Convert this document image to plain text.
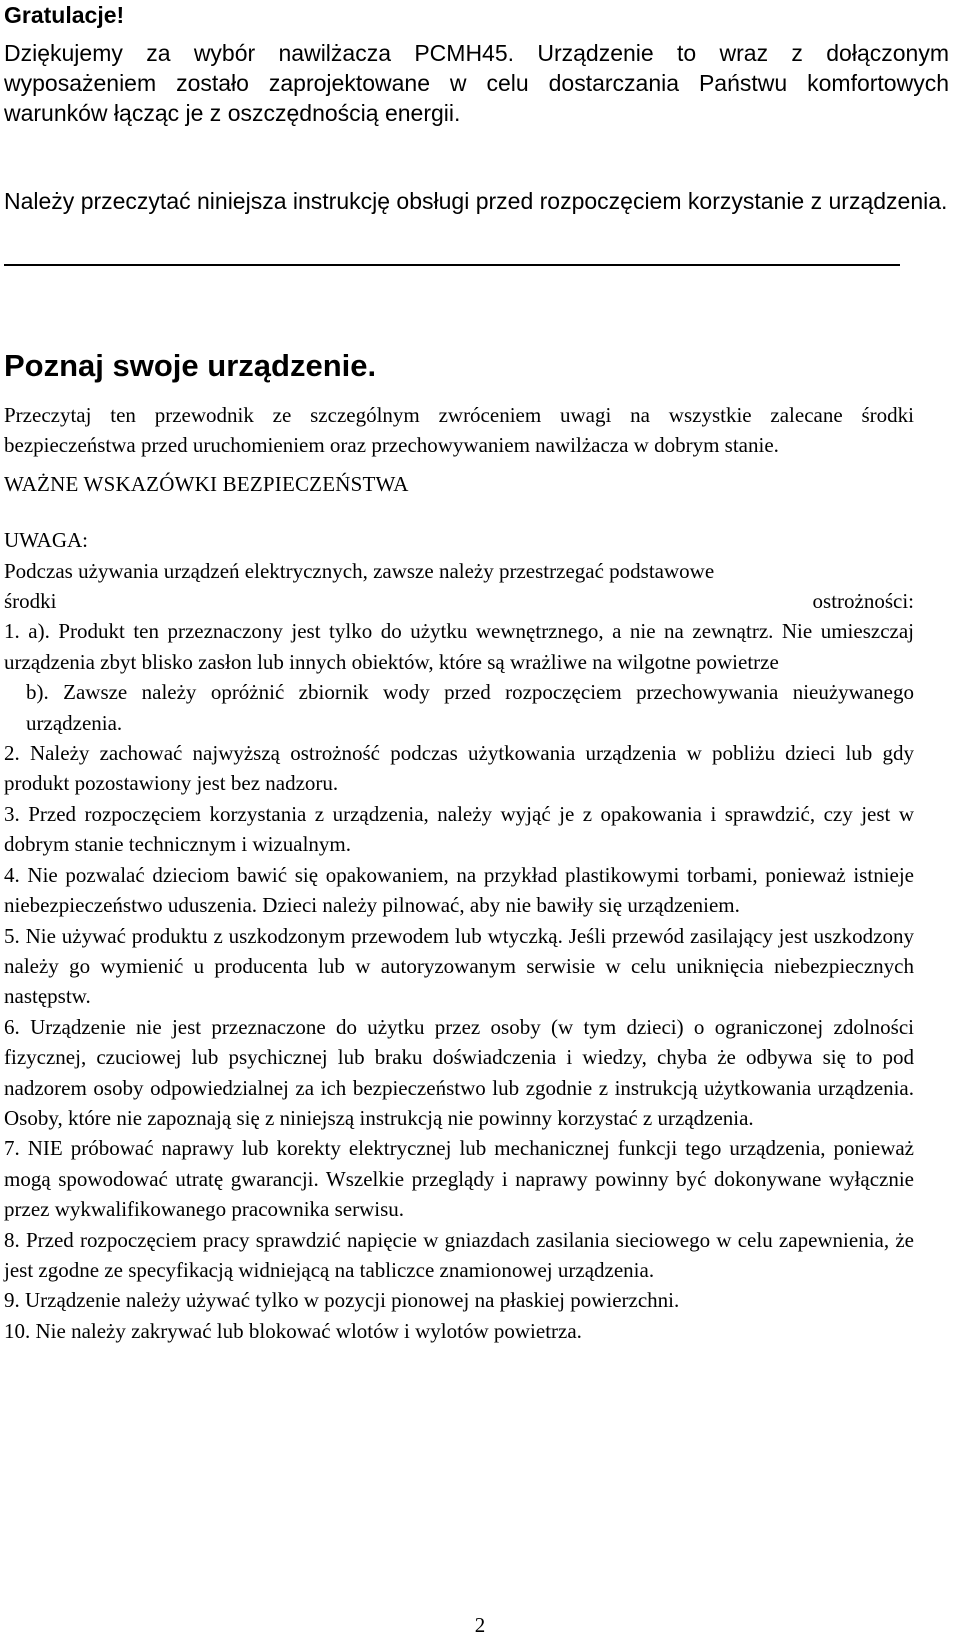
Gratulacje!
Dziękujemy za wybór nawilżacza PCMH45. Urządzenie to wraz z dołączonym wyposażeniem zostało zaprojektowane w celu dostarczania Państwu komfortowych warunków łącząc je z oszczędnością energii.
Należy przeczytać niniejsza instrukcję obsługi przed rozpoczęciem korzystanie z urządzenia.
Poznaj swoje urządzenie.

Przeczytaj ten przewodnik ze szczególnym zwróceniem uwagi na wszystkie zalecane środki bezpieczeństwa przed uruchomieniem oraz przechowywaniem nawilżacza w dobrym stanie.

WAŻNE WSKAZÓWKI BEZPIECZEŃSTWA

UWAGA:

Podczas używania urządzeń elektrycznych, zawsze należy przestrzegać podstawowe

środki	ostrożności:

1. a). Produkt ten przeznaczony jest tylko do użytku wewnętrznego, a nie na zewnątrz. Nie umieszczaj urządzenia zbyt blisko zasłon lub innych obiektów, które są wrażliwe na wilgotne powietrze

b). Zawsze należy opróżnić zbiornik wody przed rozpoczęciem przechowywania nieużywanego urządzenia.

2. Należy zachować najwyższą ostrożność podczas użytkowania urządzenia w pobliżu dzieci lub gdy produkt pozostawiony jest bez nadzoru.

3. Przed rozpoczęciem korzystania z urządzenia, należy wyjąć je z opakowania i sprawdzić, czy jest w dobrym stanie technicznym i wizualnym.

4. Nie pozwalać dzieciom bawić się opakowaniem, na przykład plastikowymi torbami, ponieważ istnieje niebezpieczeństwo uduszenia. Dzieci należy pilnować, aby nie bawiły się urządzeniem.

5. Nie używać produktu z uszkodzonym przewodem lub wtyczką. Jeśli przewód zasilający jest uszkodzony należy go wymienić u producenta lub w autoryzowanym serwisie w celu uniknięcia niebezpiecznych następstw.

6. Urządzenie nie jest przeznaczone do użytku przez osoby (w tym dzieci) o ograniczonej zdolności fizycznej, czuciowej lub psychicznej lub braku doświadczenia i wiedzy, chyba że odbywa się to pod nadzorem osoby odpowiedzialnej za ich bezpieczeństwo lub zgodnie z instrukcją użytkowania urządzenia. Osoby, które nie zapoznają się z niniejszą instrukcją nie powinny korzystać z urządzenia.

7. NIE próbować naprawy lub korekty elektrycznej lub mechanicznej funkcji tego urządzenia, ponieważ mogą spowodować utratę gwarancji. Wszelkie przeglądy i naprawy powinny być dokonywane wyłącznie przez wykwalifikowanego pracownika serwisu.

8. Przed rozpoczęciem pracy sprawdzić napięcie w gniazdach zasilania sieciowego w celu zapewnienia, że jest zgodne ze specyfikacją widniejącą na tabliczce znamionowej urządzenia.

9. Urządzenie należy używać tylko w pozycji pionowej na płaskiej powierzchni.

10. Nie należy zakrywać lub blokować wlotów i wylotów powietrza.

2
